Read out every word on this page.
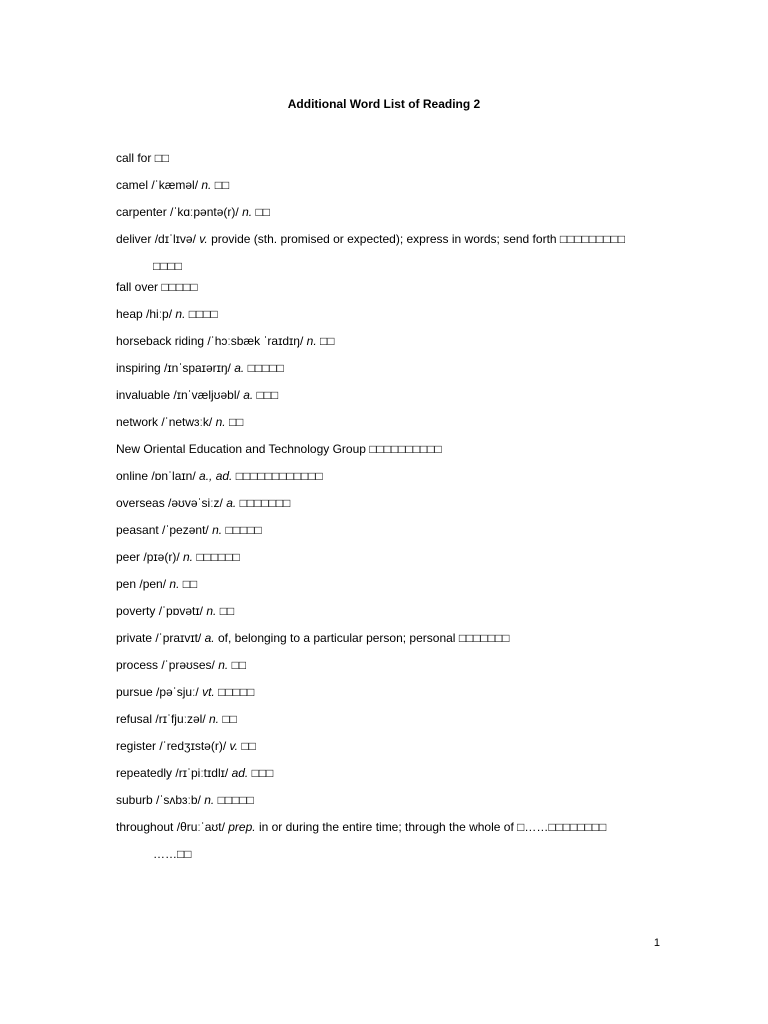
Additional Word List of Reading 2
call for □□
camel /ˈkæməl/ n. □□
carpenter /ˈkɑːpəntə(r)/ n. □□
deliver /dɪˈlɪvə/ v. provide (sth. promised or expected); express in words; send forth □□□□□□□□□
□□□□
fall over □□□□□
heap /hiːp/ n. □□□□
horseback riding /ˈhɔːsbæk ˈraɪdɪŋ/ n. □□
inspiring /ɪnˈspaɪərɪŋ/ a. □□□□□
invaluable /ɪnˈvæljʊəbl/ a. □□□
network /ˈnetwɜːk/ n. □□
New Oriental Education and Technology Group □□□□□□□□□□
online /ɒnˈlaɪn/ a., ad. □□□□□□□□□□□□
overseas /əʊvəˈsiːz/ a. □□□□□□□
peasant /ˈpezənt/ n. □□□□□
peer /pɪə(r)/ n. □□□□□□
pen /pen/ n. □□
poverty /ˈpɒvətɪ/ n. □□
private /ˈpraɪvɪt/ a. of, belonging to a particular person; personal □□□□□□□
process /ˈprəʊses/ n. □□
pursue /pəˈsjuː/ vt. □□□□□
refusal /rɪˈfjuːzəl/ n. □□
register /ˈredʒɪstə(r)/ v. □□
repeatedly /rɪˈpiːtɪdlɪ/ ad. □□□
suburb /ˈsʌbɜːb/ n. □□□□□
throughout /θruːˈaʊt/ prep. in or during the entire time; through the whole of □……□□□□□□□□
……□□
1
